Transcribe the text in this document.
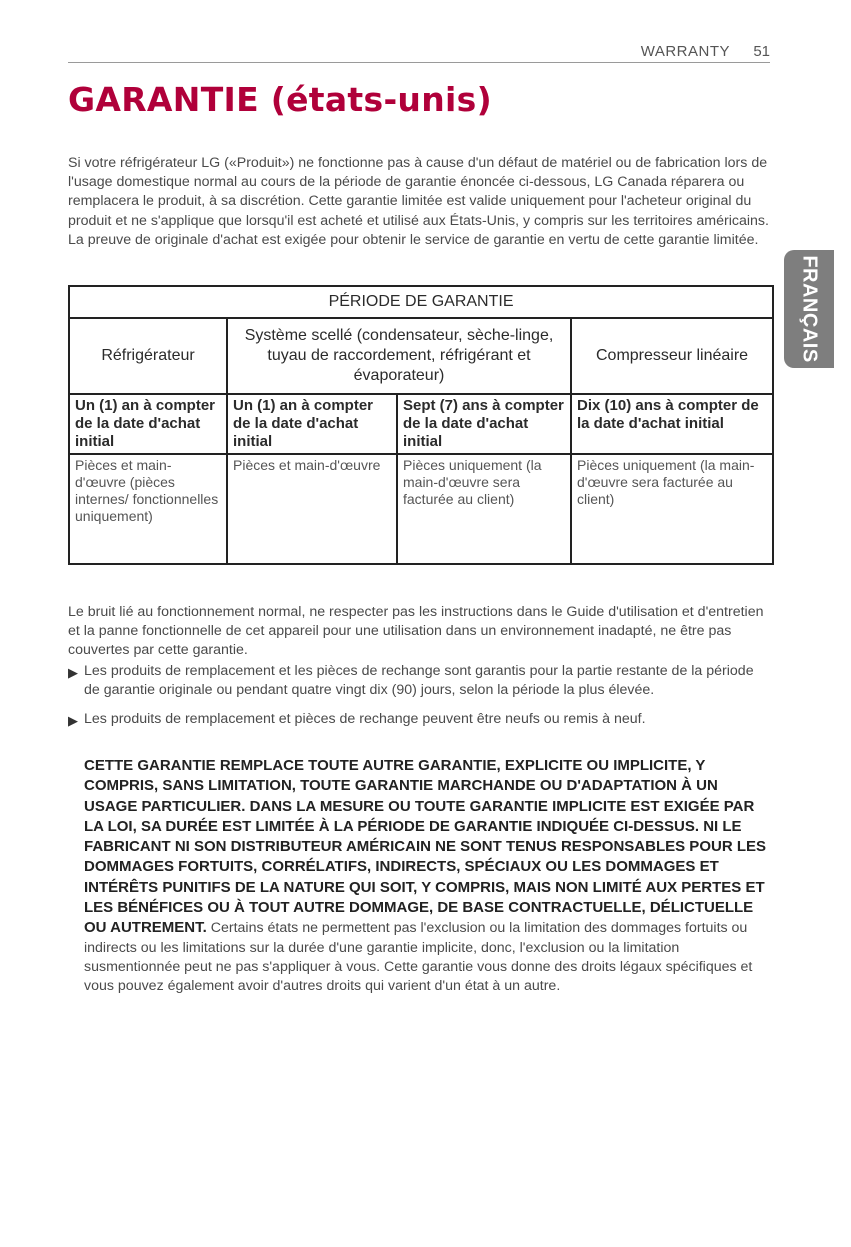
WARRANTY 51
GARANTIE (états-unis)

Si votre réfrigérateur LG («Produit») ne fonctionne pas à cause d'un défaut de matériel ou de fabrication lors de l'usage domestique normal au cours de la période de garantie énoncée ci-dessous, LG Canada réparera ou remplacera le produit, à sa discrétion. Cette garantie limitée est valide uniquement pour l'acheteur original du produit et ne s'applique que lorsqu'il est acheté et utilisé aux États-Unis, y compris sur les territoires américains. La preuve de originale d'achat est exigée pour obtenir le service de garantie en vertu de cette garantie limitée.

FRANÇAIS
PÉRIODE DE GARANTIE			
Réfrigérateur	Système scellé (condensateur, sèche-linge, tuyau de raccordement, réfrigérant et évaporateur)		Compresseur linéaire
Un (1) an à compter de la date d'achat initial	Un (1) an à compter de la date d'achat initial	Sept (7) ans à compter de la date d'achat initial	Dix (10) ans à compter de la date d'achat initial
Pièces et main-d'œuvre (pièces internes/ fonctionnelles uniquement)	Pièces et main-d'œuvre	Pièces uniquement (la main-d'œuvre sera facturée au client)	Pièces uniquement (la main-d'œuvre sera facturée au client)

Le bruit lié au fonctionnement normal, ne respecter pas les instructions dans le Guide d'utilisation et d'entretien et la panne fonctionnelle de cet appareil pour une utilisation dans un environnement inadapté, ne être pas couvertes par cette garantie.

▶ Les produits de remplacement et les pièces de rechange sont garantis pour la partie restante de la période de garantie originale ou pendant quatre vingt dix (90) jours, selon la période la plus élevée.
▶ Les produits de remplacement et pièces de rechange peuvent être neufs ou remis à neuf.

CETTE GARANTIE REMPLACE TOUTE AUTRE GARANTIE, EXPLICITE OU IMPLICITE, Y COMPRIS, SANS LIMITATION, TOUTE GARANTIE MARCHANDE OU D'ADAPTATION À UN USAGE PARTICULIER. DANS LA MESURE OU TOUTE GARANTIE IMPLICITE EST EXIGÉE PAR LA LOI, SA DURÉE EST LIMITÉE À LA PÉRIODE DE GARANTIE INDIQUÉE CI-DESSUS. NI LE FABRICANT NI SON DISTRIBUTEUR AMÉRICAIN NE SONT TENUS RESPONSABLES POUR LES DOMMAGES FORTUITS, CORRÉLATIFS, INDIRECTS, SPÉCIAUX OU LES DOMMAGES ET INTÉRÊTS PUNITIFS DE LA NATURE QUI SOIT, Y COMPRIS, MAIS NON LIMITÉ AUX PERTES ET LES BÉNÉFICES OU À TOUT AUTRE DOMMAGE, DE BASE CONTRACTUELLE, DÉLICTUELLE OU AUTREMENT. Certains états ne permettent pas l'exclusion ou la limitation des dommages fortuits ou indirects ou les limitations sur la durée d'une garantie implicite, donc, l'exclusion ou la limitation susmentionnée peut ne pas s'appliquer à vous. Cette garantie vous donne des droits légaux spécifiques et vous pouvez également avoir d'autres droits qui varient d'un état à un autre.
